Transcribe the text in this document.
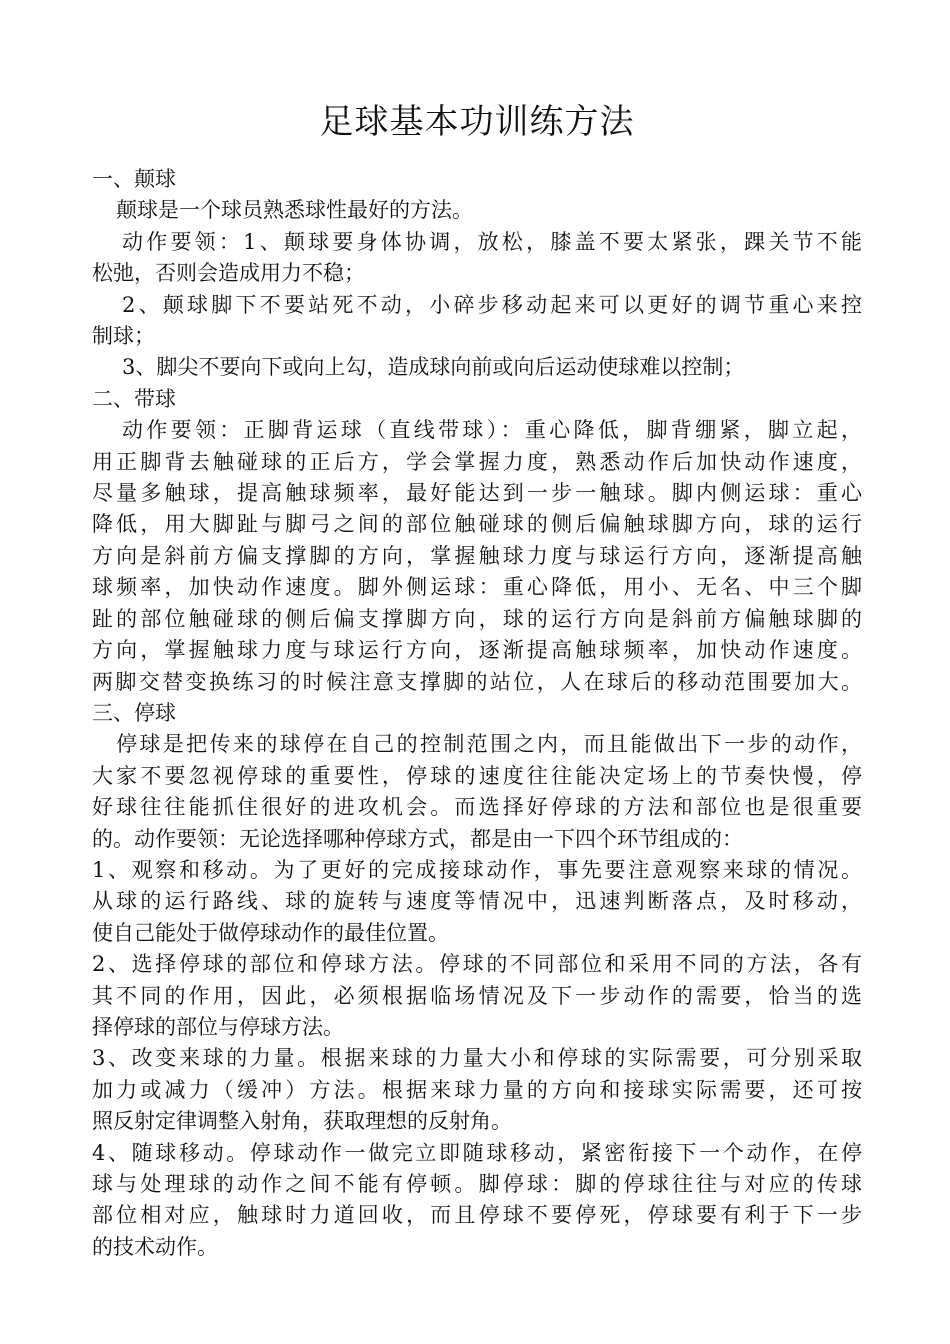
足球基本功训练方法

一、颠球

颠球是一个球员熟悉球性最好的方法。

动作要领：1、颠球要身体协调，放松，膝盖不要太紧张，踝关节不能

松弛，否则会造成用力不稳；

2、颠球脚下不要站死不动，小碎步移动起来可以更好的调节重心来控

制球；

3、脚尖不要向下或向上勾，造成球向前或向后运动使球难以控制；

二、带球

动作要领：正脚背运球（直线带球）：重心降低，脚背绷紧，脚立起，

用正脚背去触碰球的正后方，学会掌握力度，熟悉动作后加快动作速度，

尽量多触球，提高触球频率，最好能达到一步一触球。脚内侧运球：重心

降低，用大脚趾与脚弓之间的部位触碰球的侧后偏触球脚方向，球的运行

方向是斜前方偏支撑脚的方向，掌握触球力度与球运行方向，逐渐提高触

球频率，加快动作速度。脚外侧运球：重心降低，用小、无名、中三个脚

趾的部位触碰球的侧后偏支撑脚方向，球的运行方向是斜前方偏触球脚的

方向，掌握触球力度与球运行方向，逐渐提高触球频率，加快动作速度。

两脚交替变换练习的时候注意支撑脚的站位，人在球后的移动范围要加大。

三、停球

停球是把传来的球停在自己的控制范围之内，而且能做出下一步的动作，

大家不要忽视停球的重要性，停球的速度往往能决定场上的节奏快慢，停

好球往往能抓住很好的进攻机会。而选择好停球的方法和部位也是很重要

的。动作要领：无论选择哪种停球方式，都是由一下四个环节组成的：

1、观察和移动。为了更好的完成接球动作，事先要注意观察来球的情况。

从球的运行路线、球的旋转与速度等情况中，迅速判断落点，及时移动，

使自己能处于做停球动作的最佳位置。

2、选择停球的部位和停球方法。停球的不同部位和采用不同的方法，各有

其不同的作用，因此，必须根据临场情况及下一步动作的需要，恰当的选

择停球的部位与停球方法。

3、改变来球的力量。根据来球的力量大小和停球的实际需要，可分别采取

加力或减力（缓冲）方法。根据来球力量的方向和接球实际需要，还可按

照反射定律调整入射角，获取理想的反射角。

4、随球移动。停球动作一做完立即随球移动，紧密衔接下一个动作，在停

球与处理球的动作之间不能有停顿。脚停球：脚的停球往往与对应的传球

部位相对应，触球时力道回收，而且停球不要停死，停球要有利于下一步

的技术动作。
